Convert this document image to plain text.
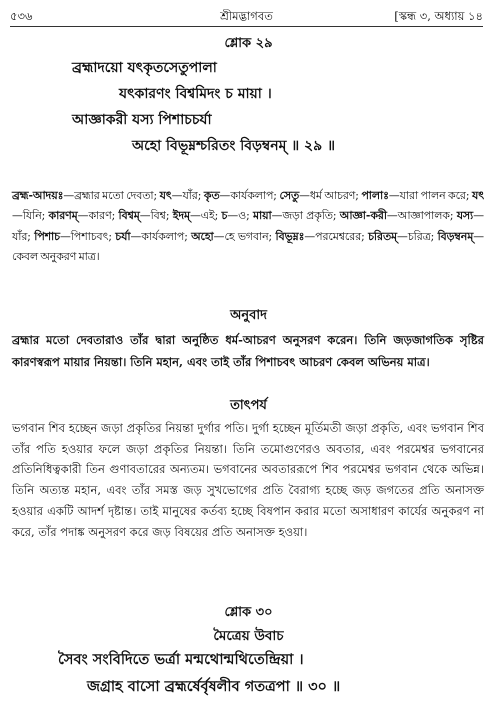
৫৩৬	শ্রীমদ্ভাগবত	[স্কন্ধ ৩, অধ্যায় ১৪
শ্লোক ২৯
ব্রহ্মাদয়ো যৎকৃতসেতুপালা
যৎকারণং বিশ্বমিদং চ মায়া ।
আজ্ঞাকরী যস্য পিশাচচর্যা
অহো বিভূম্নশ্চরিতং বিড়ম্বনম্ ॥ ২৯ ॥
ব্রহ্ম-আদয়ঃ—ব্রহ্মার মতো দেবতা; যৎ—যাঁর; কৃত—কার্যকলাপ; সেতু—ধর্ম আচরণ; পালাঃ—যারা পালন করে; যৎ—যিনি; কারণম্—কারণ; বিশ্বম্—বিশ্ব; ইদম্—এই; চ—ও; মায়া—জড়া প্রকৃতি; আজ্ঞা-করী—আজ্ঞাপালক; যস্য—যাঁর; পিশাচ—পিশাচবৎ; চর্যা—কার্যকলাপ; অহো—হে ভগবান; বিভূম্নঃ—পরমেশ্বরের; চরিতম্—চরিত্র; বিড়ম্বনম্—কেবল অনুকরণ মাত্র।
অনুবাদ
ব্রহ্মার মতো দেবতারাও তাঁর দ্বারা অনুষ্ঠিত ধর্ম-আচরণ অনুসরণ করেন। তিনি জড়জাগতিক সৃষ্টির কারণস্বরূপ মায়ার নিয়ন্তা। তিনি মহান, এবং তাই তাঁর পিশাচবৎ আচরণ কেবল অভিনয় মাত্র।
তাৎপর্য
ভগবান শিব হচ্ছেন জড়া প্রকৃতির নিয়ন্তা দুর্গার পতি। দুর্গা হচ্ছেন মূর্তিমতী জড়া প্রকৃতি, এবং ভগবান শিব তাঁর পতি হওয়ার ফলে জড়া প্রকৃতির নিয়ন্তা। তিনি তমোগুণেরও অবতার, এবং পরমেশ্বর ভগবানের প্রতিনিধিত্বকারী তিন গুণাবতারের অন্যতম। ভগবানের অবতাররূপে শিব পরমেশ্বর ভগবান থেকে অভিন্ন। তিনি অত্যন্ত মহান, এবং তাঁর সমস্ত জড় সুখভোগের প্রতি বৈরাগ্য হচ্ছে জড় জগতের প্রতি অনাসক্ত হওয়ার একটি আদর্শ দৃষ্টান্ত। তাই মানুষের কর্তব্য হচ্ছে বিষপান করার মতো অসাধারণ কার্যের অনুকরণ না করে, তাঁর পদাঙ্ক অনুসরণ করে জড় বিষয়ের প্রতি অনাসক্ত হওয়া।
শ্লোক ৩০
মৈত্রেয় উবাচ
সৈবং সংবিদিতে ভর্ত্রা মন্মথোন্মথিতেন্দ্রিয়া ।
জগ্রাহ বাসো ব্রহ্মর্ষের্বৃষলীব গতত্রপা ॥ ৩০ ॥
